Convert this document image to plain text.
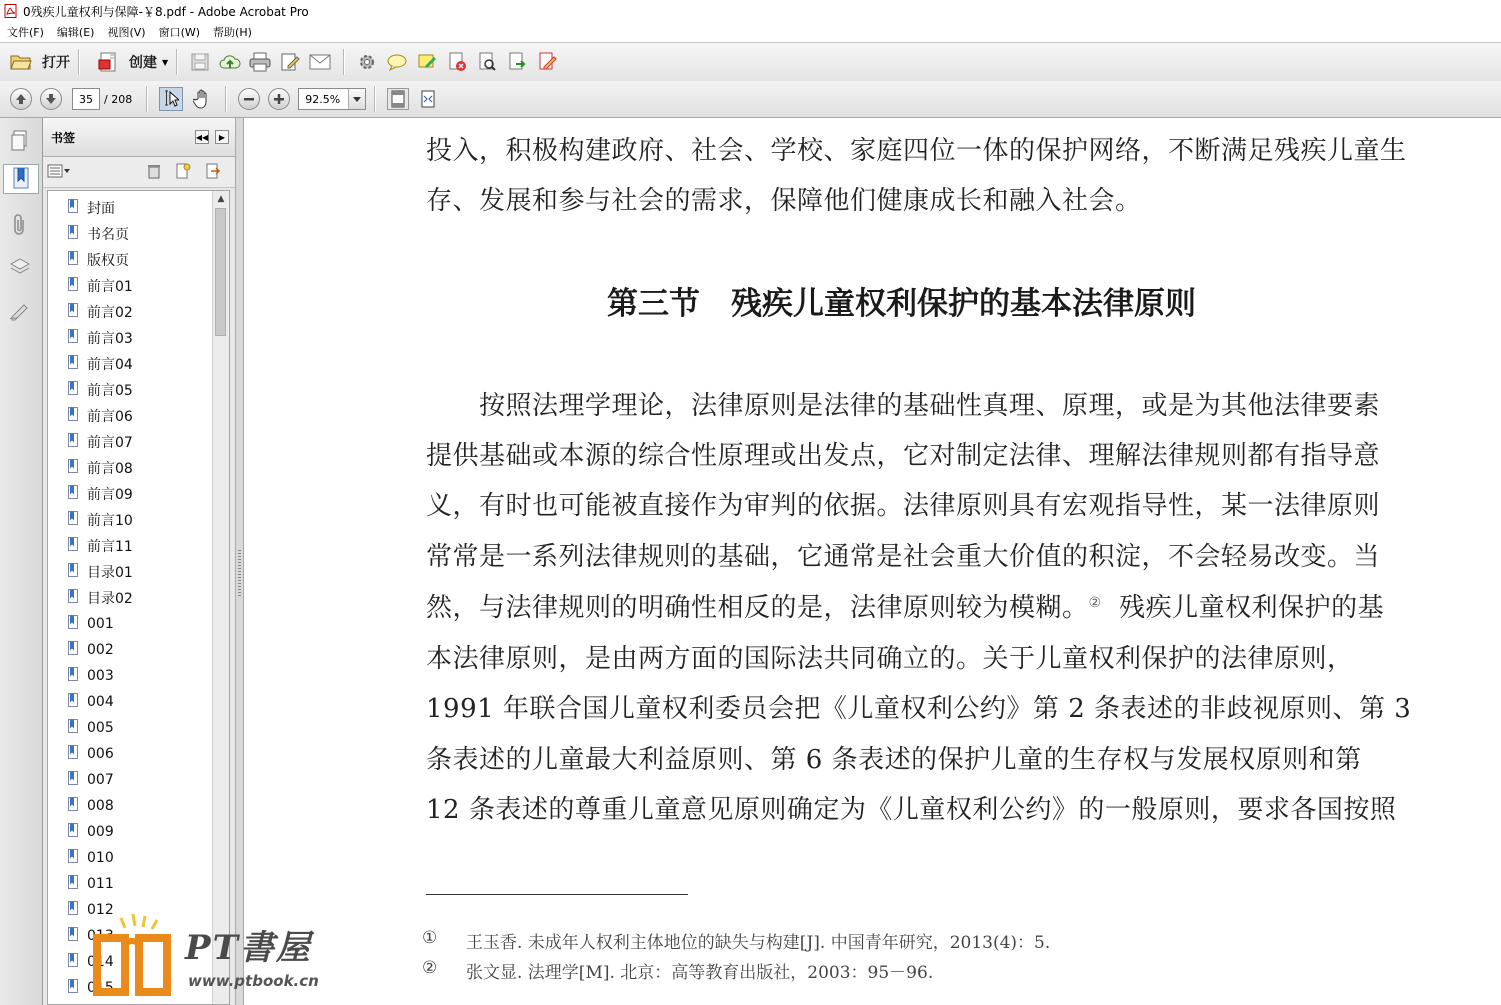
0残疾儿童权利与保障-￥8.pdf - Adobe Acrobat Pro
文件(F) 编辑(E) 视图(V) 窗口(W) 帮助(H)
打开	创建 ▼
35	/ 208	92.5%
书签	◀◀	▶
015
014
013
012
011
010
009
008
007
006
005
004
003
002
001
目录02
目录01
前言11
前言10
前言09
前言08
前言07
前言06
前言05
前言04
前言03
前言02
前言01
版权页
书名页
封面
▲
投入，积极构建政府、社会、学校、家庭四位一体的保护网络，不断满足残疾儿童生
存、发展和参与社会的需求，保障他们健康成长和融入社会。
第三节　残疾儿童权利保护的基本法律原则
　　按照法理学理论，法律原则是法律的基础性真理、原理，或是为其他法律要素
提供基础或本源的综合性原理或出发点，它对制定法律、理解法律规则都有指导意
义，有时也可能被直接作为审判的依据。法律原则具有宏观指导性，某一法律原则
常常是一系列法律规则的基础，它通常是社会重大价值的积淀，不会轻易改变。当
然，与法律规则的明确性相反的是，法律原则较为模糊。② 残疾儿童权利保护的基
本法律原则，是由两方面的国际法共同确立的。关于儿童权利保护的法律原则，
1991 年联合国儿童权利委员会把《儿童权利公约》第 2 条表述的非歧视原则、第 3
条表述的儿童最大利益原则、第 6 条表述的保护儿童的生存权与发展权原则和第
12 条表述的尊重儿童意见原则确定为《儿童权利公约》的一般原则，要求各国按照
① 王玉香. 未成年人权利主体地位的缺失与构建[J]. 中国青年研究，2013(4)：5.
② 张文显. 法理学[M]. 北京：高等教育出版社，2003：95－96.
PT書屋
www.ptbook.cn
